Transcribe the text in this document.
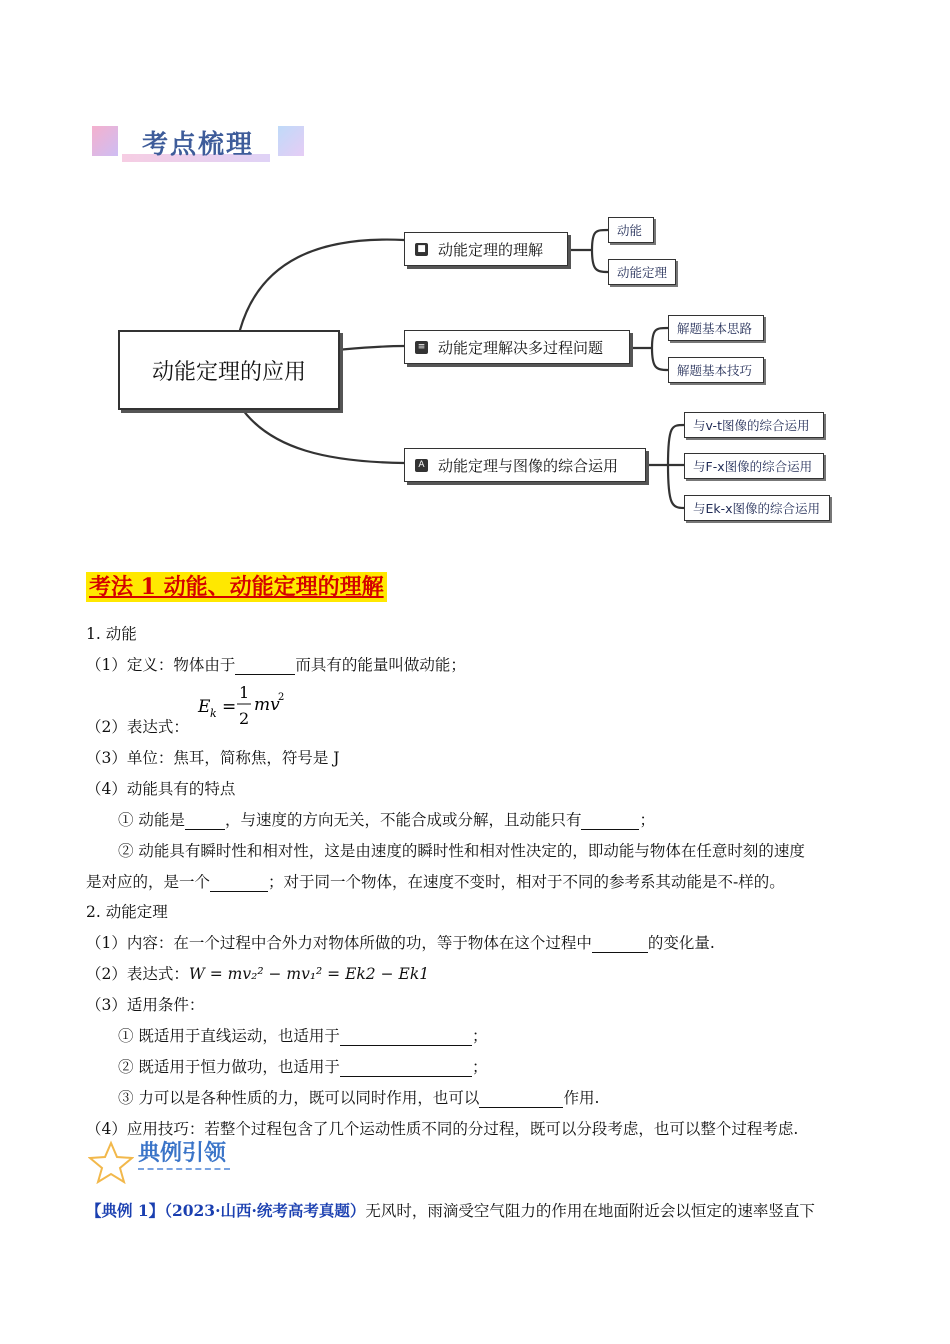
考点梳理
动能定理的应用
■ 动能定理的理解
≡ 动能定理解决多过程问题
A 动能定理与图像的综合运用
动能
动能定理
解题基本思路
解题基本技巧
与v-t图像的综合运用
与F-x图像的综合运用
与Ek-x图像的综合运用
考法 1 动能、动能定理的理解
1. 动能
（1）定义：物体由于	而具有的能量叫做动能；
（2）表达式：
E k =
1
2
mv
2
（3）单位：焦耳，简称焦，符号是 J
（4）动能具有的特点
① 动能是	，与速度的方向无关，不能合成或分解，且动能只有	；
② 动能具有瞬时性和相对性，这是由速度的瞬时性和相对性决定的，即动能与物体在任意时刻的速度
是对应的，是一个	；对于同一个物体，在速度不变时，相对于不同的参考系其动能是不-样的。
2. 动能定理
（1）内容：在一个过程中合外力对物体所做的功，等于物体在这个过程中	的变化量.
（2）表达式：W = mv₂² − mv₁² = Ek2 − Ek1
（3）适用条件：
① 既适用于直线运动，也适用于	；
② 既适用于恒力做功，也适用于	；
③ 力可以是各种性质的力，既可以同时作用，也可以	作用.
（4）应用技巧：若整个过程包含了几个运动性质不同的分过程，既可以分段考虑，也可以整个过程考虑.
典例引领
【典例 1】（2023·山西·统考高考真题）无风时，雨滴受空气阻力的作用在地面附近会以恒定的速率竖直下
